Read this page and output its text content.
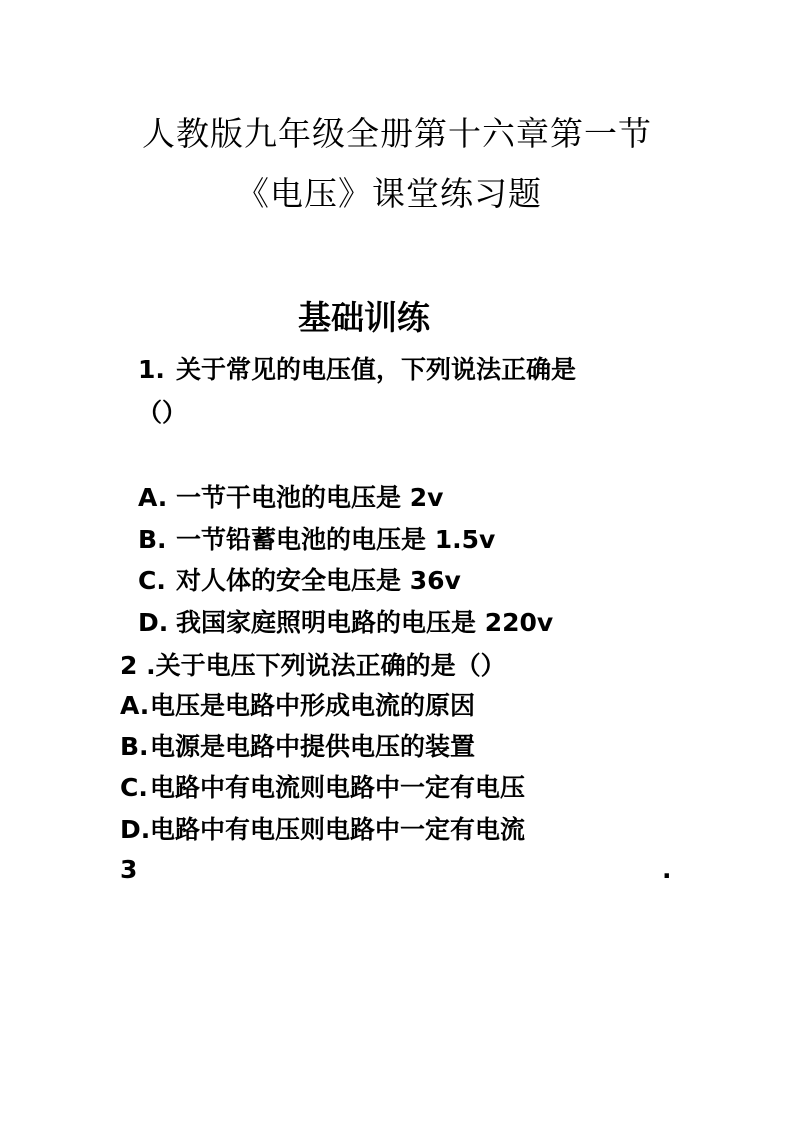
人教版九年级全册第十六章第一节
《电压》课堂练习题
基础训练
1. 关于常见的电压值，下列说法正确是
（）
A. 一节干电池的电压是 2v
B. 一节铅蓄电池的电压是 1.5v
C. 对人体的安全电压是 36v
D. 我国家庭照明电路的电压是 220v
2 .关于电压下列说法正确的是（）
A.电压是电路中形成电流的原因
B.电源是电路中提供电压的装置
C.电路中有电流则电路中一定有电压
D.电路中有电压则电路中一定有电流
3	.
